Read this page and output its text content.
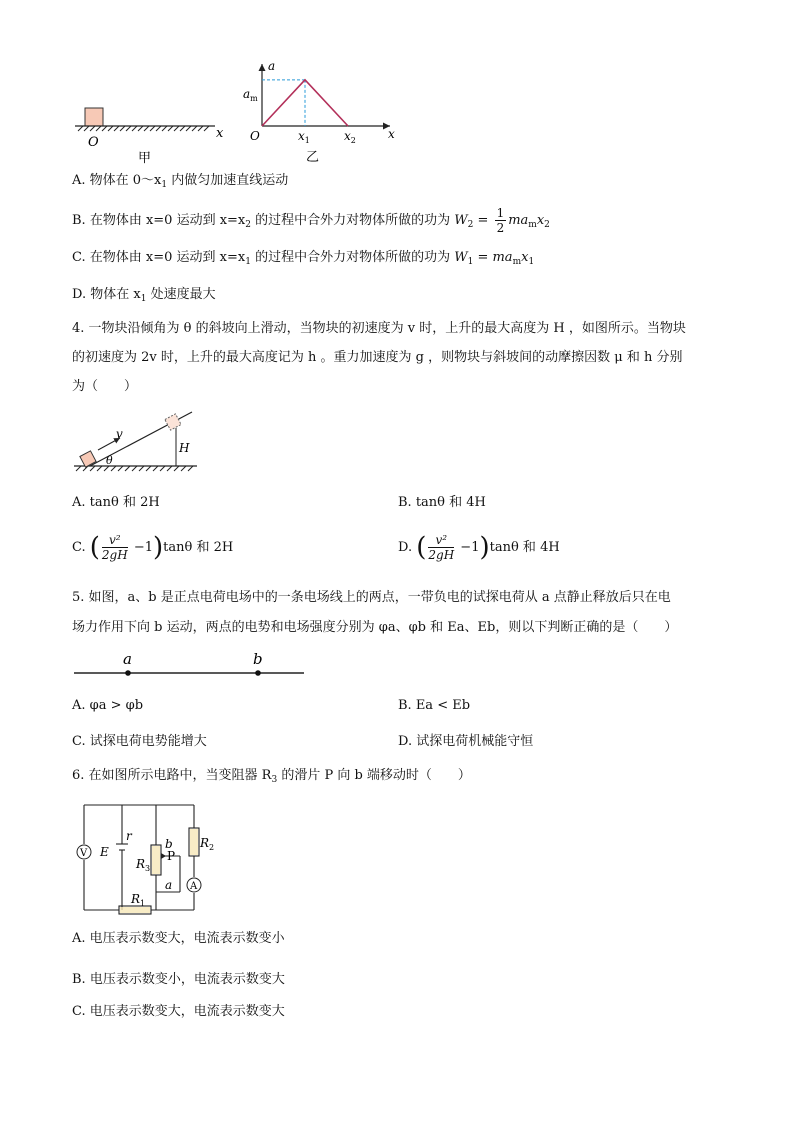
O
x
甲
a
x
O
$a_m$
$x_1$	$x_2$
乙
A. 物体在 $0\sim x_1$ 内做匀加速直线运动
B. 在物体由 x=0 运动到 $x=x_2$ 的过程中合外力对物体所做的功为 $W_2 = \frac{1}{2} ma_mx_2$
C. 在物体由 x=0 运动到 $x=x_1$ 的过程中合外力对物体所做的功为 $W_1 = ma_mx_1$
D. 物体在 $x_1$ 处速度最大
4. 一物块沿倾角为 θ 的斜坡向上滑动，当物块的初速度为 v 时，上升的最大高度为 H ，如图所示。当物块
的初速度为 2v 时，上升的最大高度记为 h 。重力加速度为 g ，则物块与斜坡间的动摩擦因数 μ 和 h 分别
为（　　）
v
θ
H
A. tanθ 和 2H	B. tanθ 和 4H
C. ( $\frac{\text{v²}}{2gH} -1)\tan\theta$ 和 2H	D. ( $\frac{\text{v²}}{2gH} -1)\tan\theta$ 和 4H
5. 如图，a、b 是正点电荷电场中的一条电场线上的两点，一带负电的试探电荷从 a 点静止释放后只在电
场力作用下向 b 运动，两点的电势和电场强度分别为 φa、φb 和 Ea、Eb，则以下判断正确的是（　　）
a	b
A. φa > φb	B. Ea < Eb
C. 试探电荷电势能增大	D. 试探电荷机械能守恒
6. 在如图所示电路中，当变阻器 $R_3$ 的滑片 P 向 b 端移动时（　　）
V
A
E
r
b
P
$R_3$
$R_2$
a
$R_1$
A. 电压表示数变大，电流表示数变小
B. 电压表示数变小，电流表示数变大
C. 电压表示数变大，电流表示数变大
